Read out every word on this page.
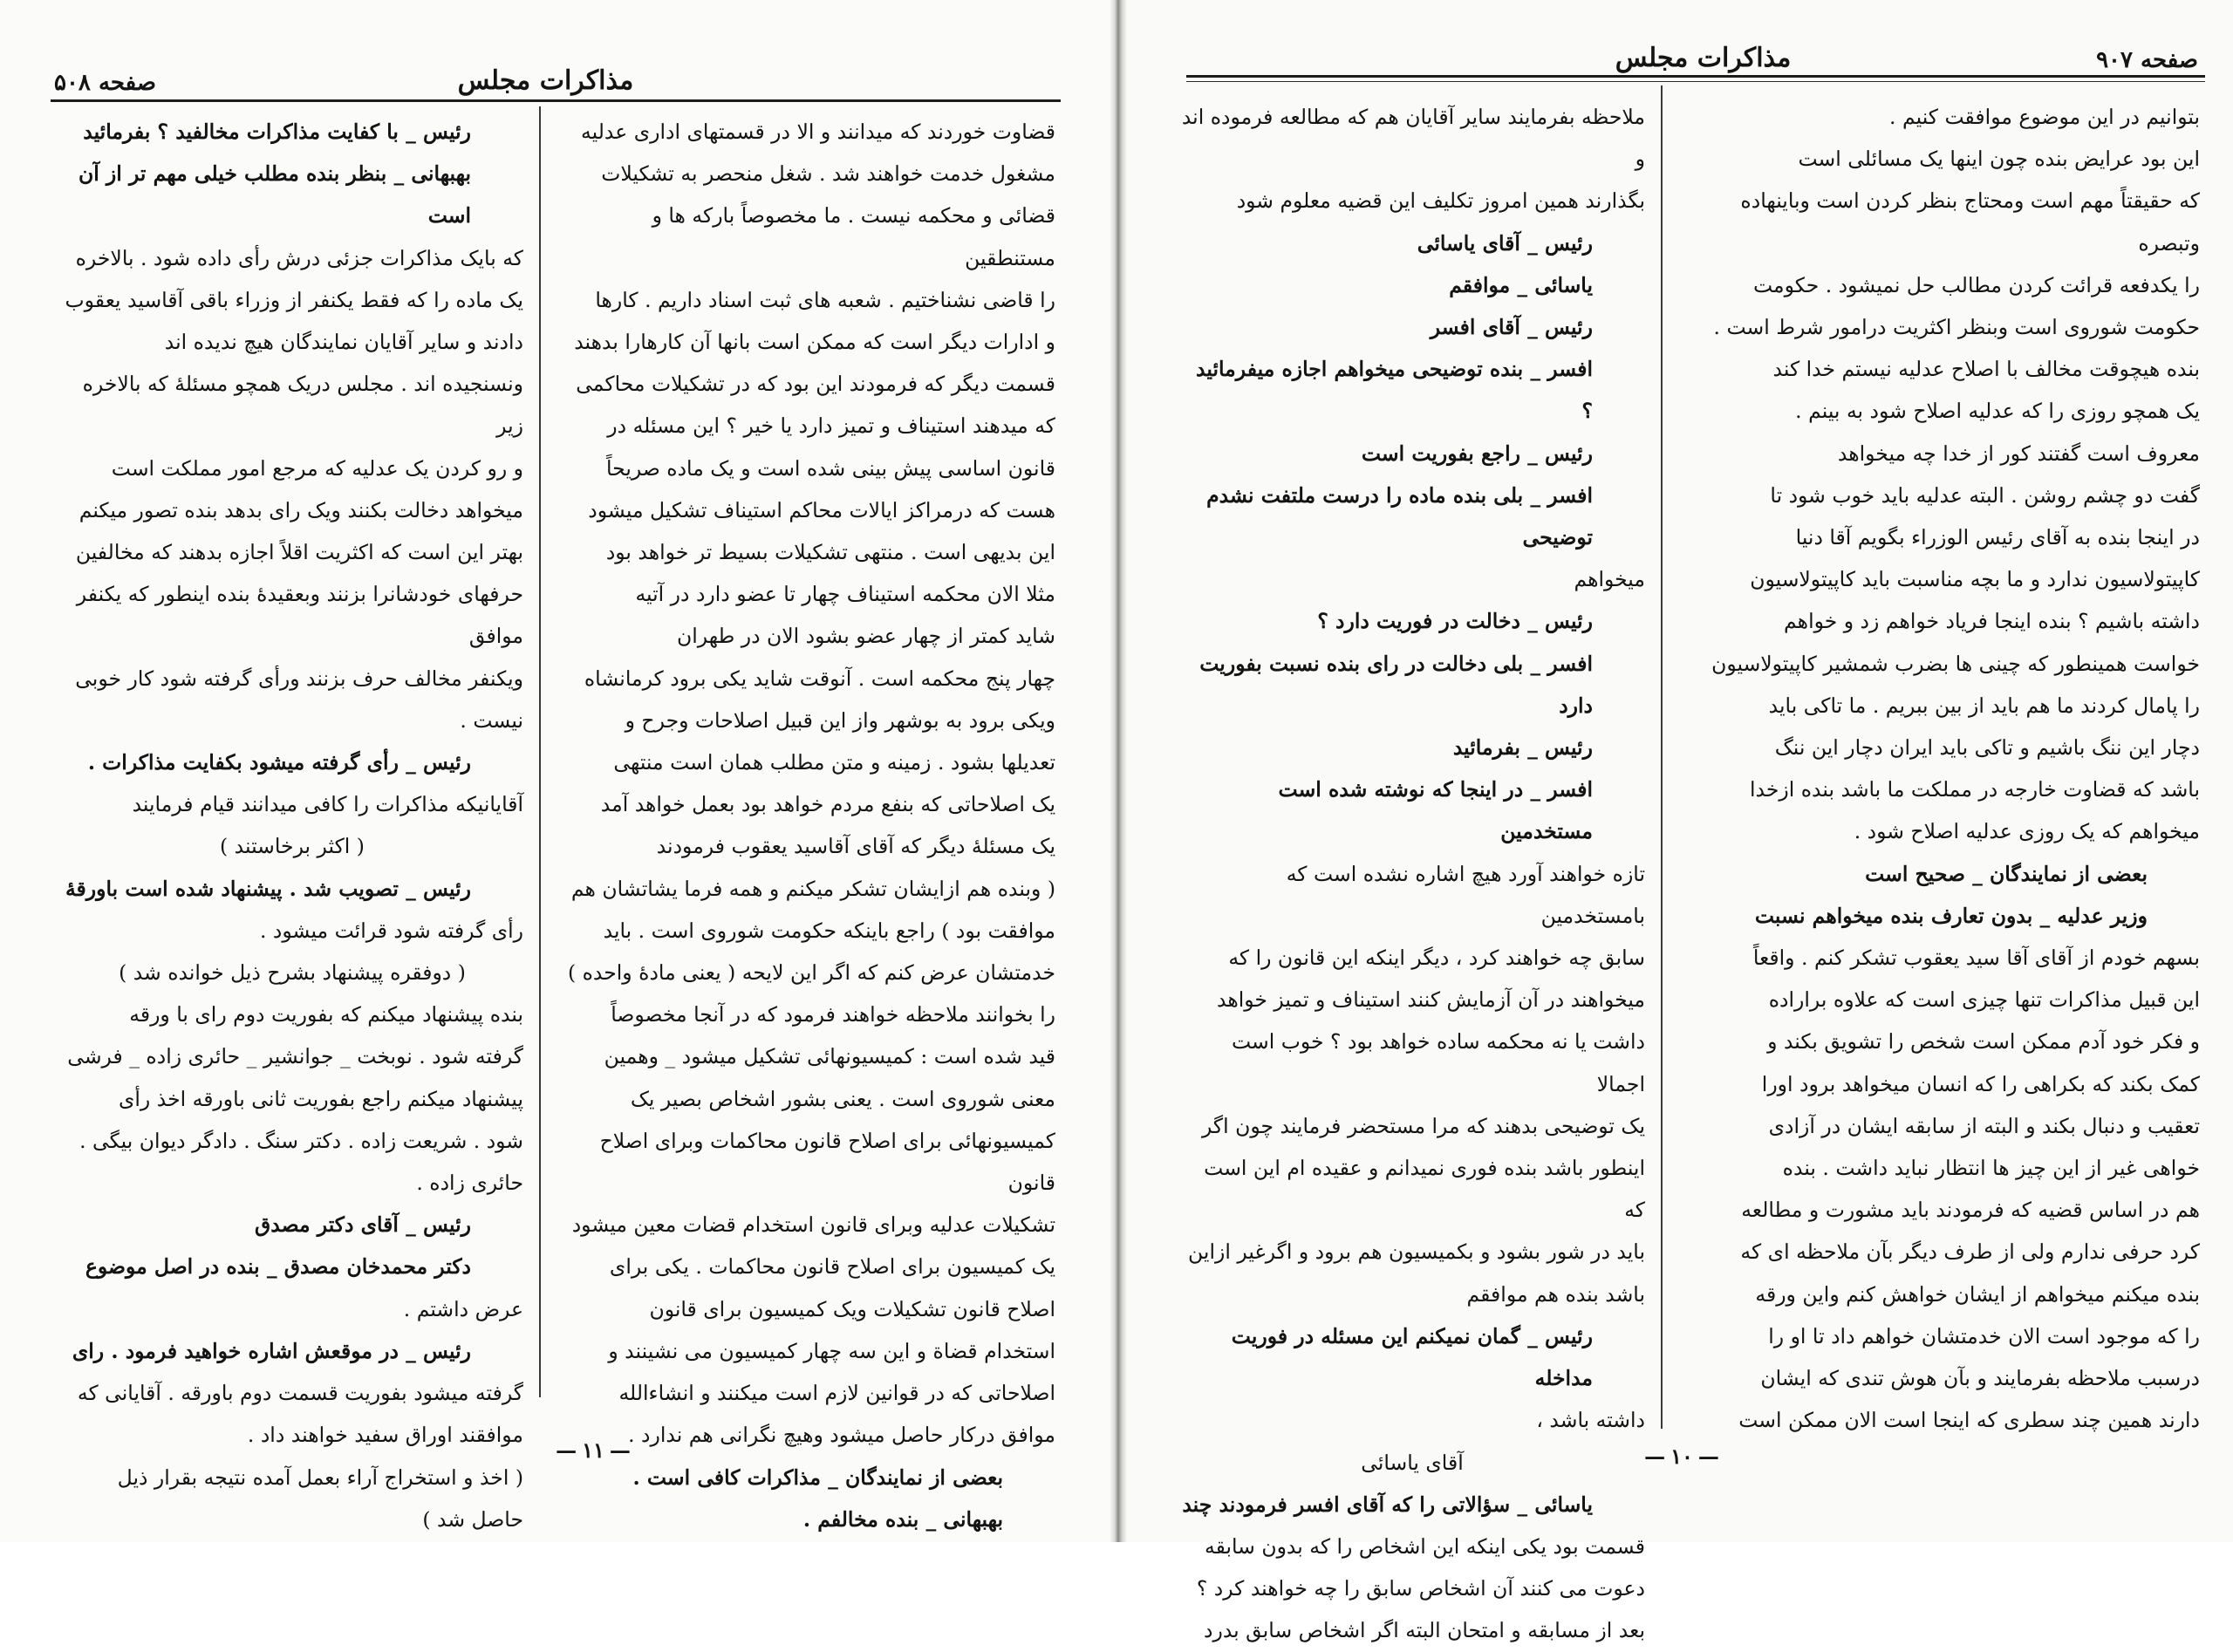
صفحه ۵۰۸	مذاکرات مجلس

قضاوت خوردند که میدانند و الا در قسمتهای اداری عدلیه

مشغول خدمت خواهند شد . شغل منحصر به تشکیلات

قضائی و محکمه نیست . ما مخصوصاً بارکه ها و مستنطقین

را قاضی نشناختیم . شعبه های ثبت اسناد داریم . کارها

و ادارات دیگر است که ممکن است بانها آن کارهارا بدهند

قسمت دیگر که فرمودند این بود که در تشکیلات محاکمی

که میدهند استیناف و تمیز دارد یا خیر ؟ این مسئله در

قانون اساسی پیش بینی شده است و یک ماده صریحاً

هست که درمراکز ایالات محاکم استیناف تشکیل میشود

این بدیهی است . منتهی تشکیلات بسیط تر خواهد بود

مثلا الان محکمه استیناف چهار تا عضو دارد در آتیه

شاید کمتر از چهار عضو بشود الان در طهران

چهار پنج محکمه است . آنوقت شاید یکی برود کرمانشاه

ویکی برود به بوشهر واز این قبیل اصلاحات وجرح و

تعدیلها بشود . زمینه و متن مطلب همان است منتهی

یک اصلاحاتی که بنفع مردم خواهد بود بعمل خواهد آمد

یک مسئلهٔ دیگر که آقای آقاسید یعقوب فرمودند

( وبنده هم ازایشان تشکر میکنم و همه فرما یشاتشان هم

موافقت بود ) راجع باینکه حکومت شوروی است . باید

خدمتشان عرض کنم که اگر این لایحه ( یعنی مادهٔ واحده )

را بخوانند ملاحظه خواهند فرمود که در آنجا مخصوصاً

قید شده است : کمیسیونهائی تشکیل میشود _ وهمین

معنی شوروی است . یعنی بشور اشخاص بصیر یک

کمیسیونهائی برای اصلاح قانون محاکمات وبرای اصلاح قانون

تشکیلات عدلیه وبرای قانون استخدام قضات معین میشود

یک کمیسیون برای اصلاح قانون محاکمات . یکی برای

اصلاح قانون تشکیلات ویک کمیسیون برای قانون

استخدام قضاة و این سه چهار کمیسیون می نشینند و

اصلاحاتی که در قوانین لازم است میکنند و انشاءالله

موافق درکار حاصل میشود وهیچ نگرانی هم ندارد .

بعضی از نمایندگان _ مذاکرات کافی است .

بهبهانی _ بنده مخالفم .

رئیس _ با کفایت مذاکرات مخالفید ؟ بفرمائید

بهبهانی _ بنظر بنده مطلب خیلی مهم تر از آن است

که بایک مذاکرات جزئی درش رأی داده شود . بالاخره

یک ماده را که فقط یکنفر از وزراء باقی آقاسید یعقوب

دادند و سایر آقایان نمایندگان هیچ ندیده اند

ونسنجیده اند . مجلس دریک همچو مسئلهٔ که بالاخره زیر

و رو کردن یک عدلیه که مرجع امور مملکت است

میخواهد دخالت بکنند ویک رای بدهد بنده تصور میکنم

بهتر این است که اکثریت اقلاً اجازه بدهند که مخالفین

حرفهای خودشانرا بزنند وبعقیدهٔ بنده اینطور که یکنفر موافق

ویکنفر مخالف حرف بزنند ورأی گرفته شود کار خوبی نیست .

رئیس _ رأی گرفته میشود بکفایت مذاکرات .

آقایانیکه مذاکرات را کافی میدانند قیام فرمایند

( اکثر برخاستند )

رئیس _ تصویب شد . پیشنهاد شده است باورقهٔ

رأی گرفته شود قرائت میشود .

( دوفقره پیشنهاد بشرح ذیل خوانده شد )

بنده پیشنهاد میکنم که بفوریت دوم رای با ورقه

گرفته شود . نوبخت _ جوانشیر _ حائری زاده _ فرشی

پیشنهاد میکنم راجع بفوریت ثانی باورقه اخذ رأی

شود . شریعت زاده . دکتر سنگ . دادگر دیوان بیگی .

حائری زاده .

رئیس _ آقای دکتر مصدق

دکتر محمدخان مصدق _ بنده در اصل موضوع

عرض داشتم .

رئیس _ در موقعش اشاره خواهید فرمود . رای

گرفته میشود بفوریت قسمت دوم باورقه . آقایانی که

موافقند اوراق سفید خواهند داد .

( اخذ و استخراج آراء بعمل آمده نتیجه بقرار ذیل

حاصل شد )

— ۱۱ —
مذاکرات مجلس	صفحه ۹۰۷

بتوانیم در این موضوع موافقت کنیم .

این بود عرایض بنده چون اینها یک مسائلی است

که حقیقتاً مهم است ومحتاج بنظر کردن است وباینهاده وتبصره

را یکدفعه قرائت کردن مطالب حل نمیشود . حکومت

حکومت شوروی است وبنظر اکثریت درامور شرط است .

بنده هیچوقت مخالف با اصلاح عدلیه نیستم خدا کند

یک همچو روزی را که عدلیه اصلاح شود به بینم .

معروف است گفتند کور از خدا چه میخواهد

گفت دو چشم روشن . البته عدلیه باید خوب شود تا

در اینجا بنده به آقای رئیس الوزراء بگویم آقا دنیا

کاپیتولاسیون ندارد و ما بچه مناسبت باید کاپیتولاسیون

داشته باشیم ؟ بنده اینجا فریاد خواهم زد و خواهم

خواست همینطور که چینی ها بضرب شمشیر کاپیتولاسیون

را پامال کردند ما هم باید از بین ببریم . ما تاکی باید

دچار این ننگ باشیم و تاکی باید ایران دچار این ننگ

باشد که قضاوت خارجه در مملکت ما باشد بنده ازخدا

میخواهم که یک روزی عدلیه اصلاح شود .

بعضی از نمایندگان _ صحیح است

وزیر عدلیه _ بدون تعارف بنده میخواهم نسبت

بسهم خودم از آقای آقا سید یعقوب تشکر کنم . واقعاً

این قبیل مذاکرات تنها چیزی است که علاوه براراده

و فکر خود آدم ممکن است شخص را تشویق بکند و

کمک بکند که بکراهی را که انسان میخواهد برود اورا

تعقیب و دنبال بکند و البته از سابقه ایشان در آزادی

خواهی غیر از این چیز ها انتظار نباید داشت . بنده

هم در اساس قضیه که فرمودند باید مشورت و مطالعه

کرد حرفی ندارم ولی از طرف دیگر بآن ملاحظه ای که

بنده میکنم میخواهم از ایشان خواهش کنم واین ورقه

را که موجود است الان خدمتشان خواهم داد تا او را

درسبب ملاحظه بفرمایند و بآن هوش تندی که ایشان

دارند همین چند سطری که اینجا است الان ممکن است

ملاحظه بفرمایند سایر آقایان هم که مطالعه فرموده اند و

بگذارند همین امروز تکلیف این قضیه معلوم شود

رئیس _ آقای یاسائی

یاسائی _ موافقم

رئیس _ آقای افسر

افسر _ بنده توضیحی میخواهم اجازه میفرمائید ؟

رئیس _ راجع بفوریت است

افسر _ بلی بنده ماده را درست ملتفت نشدم توضیحی

میخواهم

رئیس _ دخالت در فوریت دارد ؟

افسر _ بلی دخالت در رای بنده نسبت بفوریت دارد

رئیس _ بفرمائید

افسر _ در اینجا که نوشته شده است مستخدمین

تازه خواهند آورد هیچ اشاره نشده است که بامستخدمین

سابق چه خواهند کرد ، دیگر اینکه این قانون را که

میخواهند در آن آزمایش کنند استیناف و تمیز خواهد

داشت یا نه محکمه ساده خواهد بود ؟ خوب است اجمالا

یک توضیحی بدهند که مرا مستحضر فرمایند چون اگر

اینطور باشد بنده فوری نمیدانم و عقیده ام این است که

باید در شور بشود و بکمیسیون هم برود و اگرغیر ازاین

باشد بنده هم موافقم

رئیس _ گمان نمیکنم این مسئله در فوریت مداخله

داشته باشد ،

آقای یاسائی

یاسائی _ سؤالاتی را که آقای افسر فرمودند چند

قسمت بود یکی اینکه این اشخاص را که بدون سابقه

دعوت می کنند آن اشخاص سابق را چه خواهند کرد ؟

بعد از مسابقه و امتحان البته اگر اشخاص سابق بدرد

— ۱۰ —
